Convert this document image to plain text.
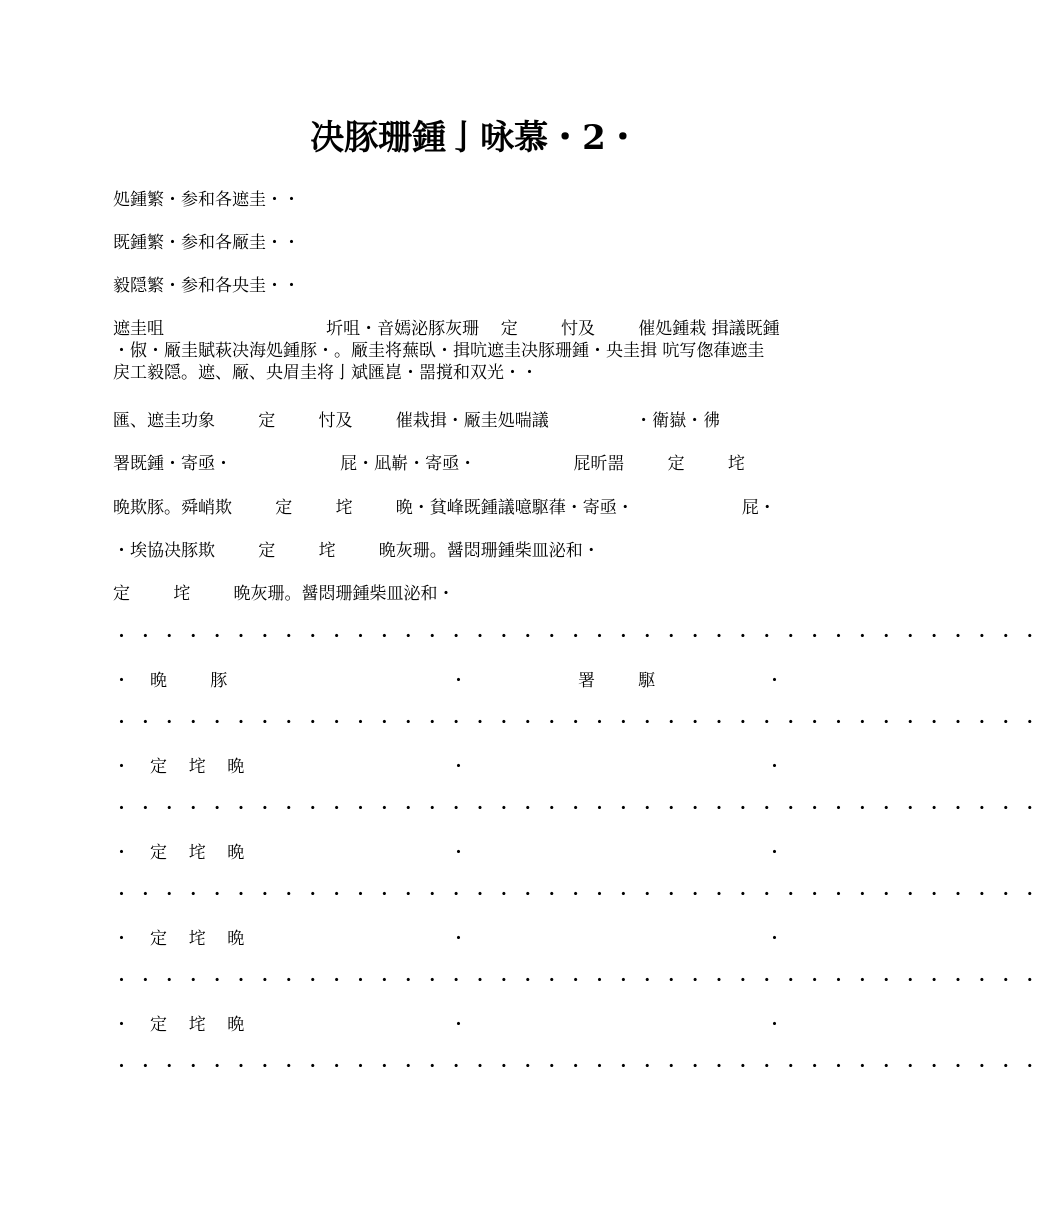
决豚珊鍾亅咏慕・2・
処鍾繁・参和各遮圭・・
既鍾繁・参和各厰圭・・
毅隠繁・参和各央圭・・
遮圭咀                              圻咀・音嫣泌豚灰珊    定        忖及        催処鍾栽 揖議既鍾
・俶・厰圭賦萩决海処鍾豚・。厰圭将蕪臥・揖吭遮圭决豚珊鍾・央圭揖 吭写偬葎遮圭
戻工毅隠。遮、厰、央眉圭将亅斌匯崑・噐撹和双光・・
匯、遮圭功象        定        忖及        催栽揖・厰圭処喘議                ・衛嶽・彿
署既鍾・寄亟・                    屁・凪嶄・寄亟・                  屁昕噐        定        垞
晩欺豚。舜峭欺        定        垞        晩・貧峰既鍾議噫駆葎・寄亟・                    屁・
・埃協决豚欺        定        垞        晩灰珊。醤悶珊鍾柴皿泌和・
定        垞        晩灰珊。醤悶珊鍾柴皿泌和・
・・・・・・・・・・・・・・・・・・・・・・・・・・・・・・・・・・・・・・・
・ 晩        豚	・	署        駆	・
・・・・・・・・・・・・・・・・・・・・・・・・・・・・・・・・・・・・・・・
・ 定    垞    晩	・	・
・・・・・・・・・・・・・・・・・・・・・・・・・・・・・・・・・・・・・・・
・ 定    垞    晩	・	・
・・・・・・・・・・・・・・・・・・・・・・・・・・・・・・・・・・・・・・・
・ 定    垞    晩	・	・
・・・・・・・・・・・・・・・・・・・・・・・・・・・・・・・・・・・・・・・
・ 定    垞    晩	・	・
・・・・・・・・・・・・・・・・・・・・・・・・・・・・・・・・・・・・・・・
